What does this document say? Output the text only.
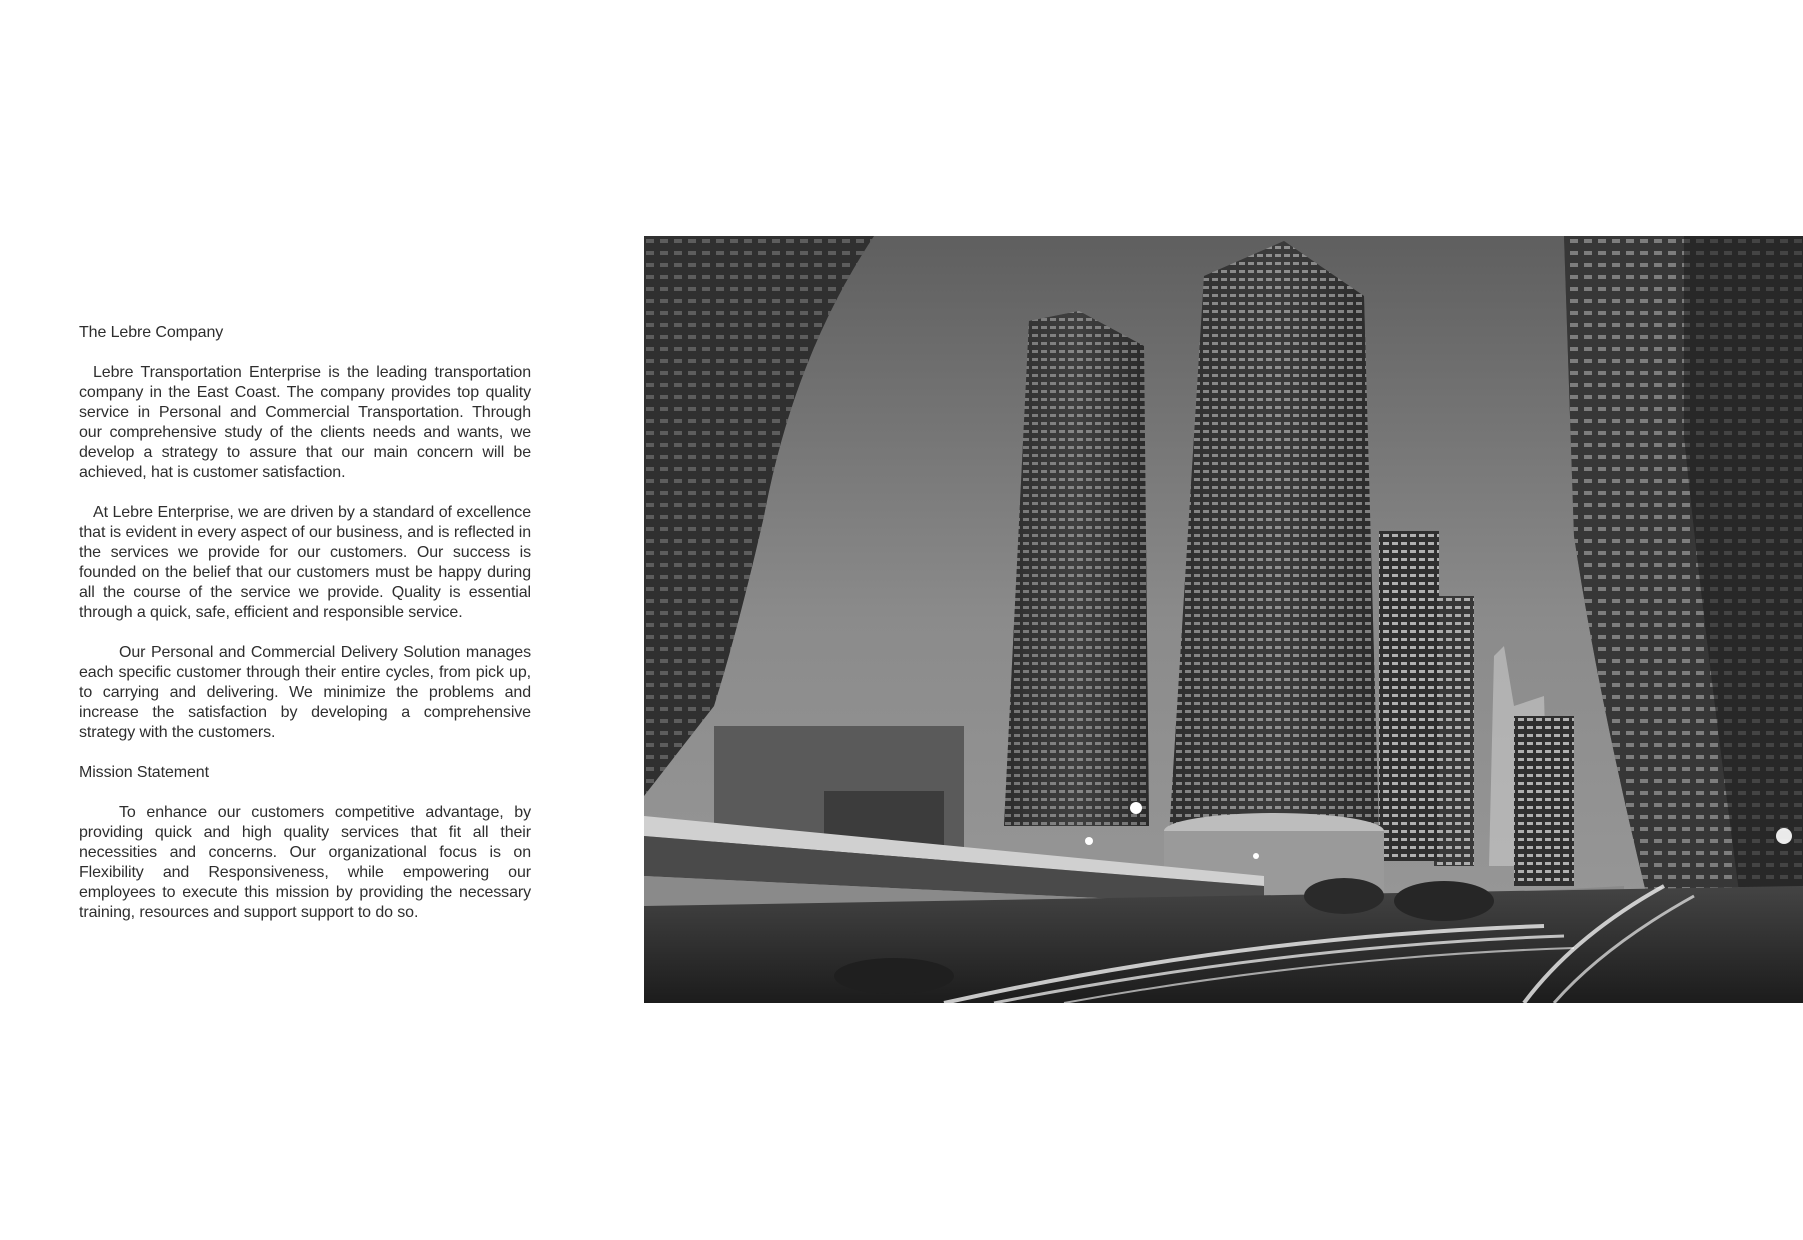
The Lebre Company

Lebre Transportation Enterprise is the leading transportation company in the East Coast. The company provides top quality service in Personal and Commercial Transportation. Through our comprehensive study of the clients needs and wants, we develop a strategy to assure that our main concern will be achieved, hat is customer satisfaction.

At Lebre Enterprise, we are driven by a standard of excellence that is evident in every aspect of our business, and is reflected in the services we provide for our customers. Our success is founded on the belief that our customers must be happy during all the course of the service we provide. Quality is essential through a quick, safe, efficient and responsible service.

Our Personal and Commercial Delivery Solution manages each specific customer through their entire cycles, from pick up, to carrying and delivering. We minimize the problems and increase the satisfaction by developing a comprehensive strategy with the customers.

Mission Statement

To enhance our customers competitive advantage, by providing quick and high quality services that fit all their necessities and concerns. Our organizational focus is on Flexibility and Responsiveness, while empowering our employees to execute this mission by providing the necessary training, resources and support support to do so.
